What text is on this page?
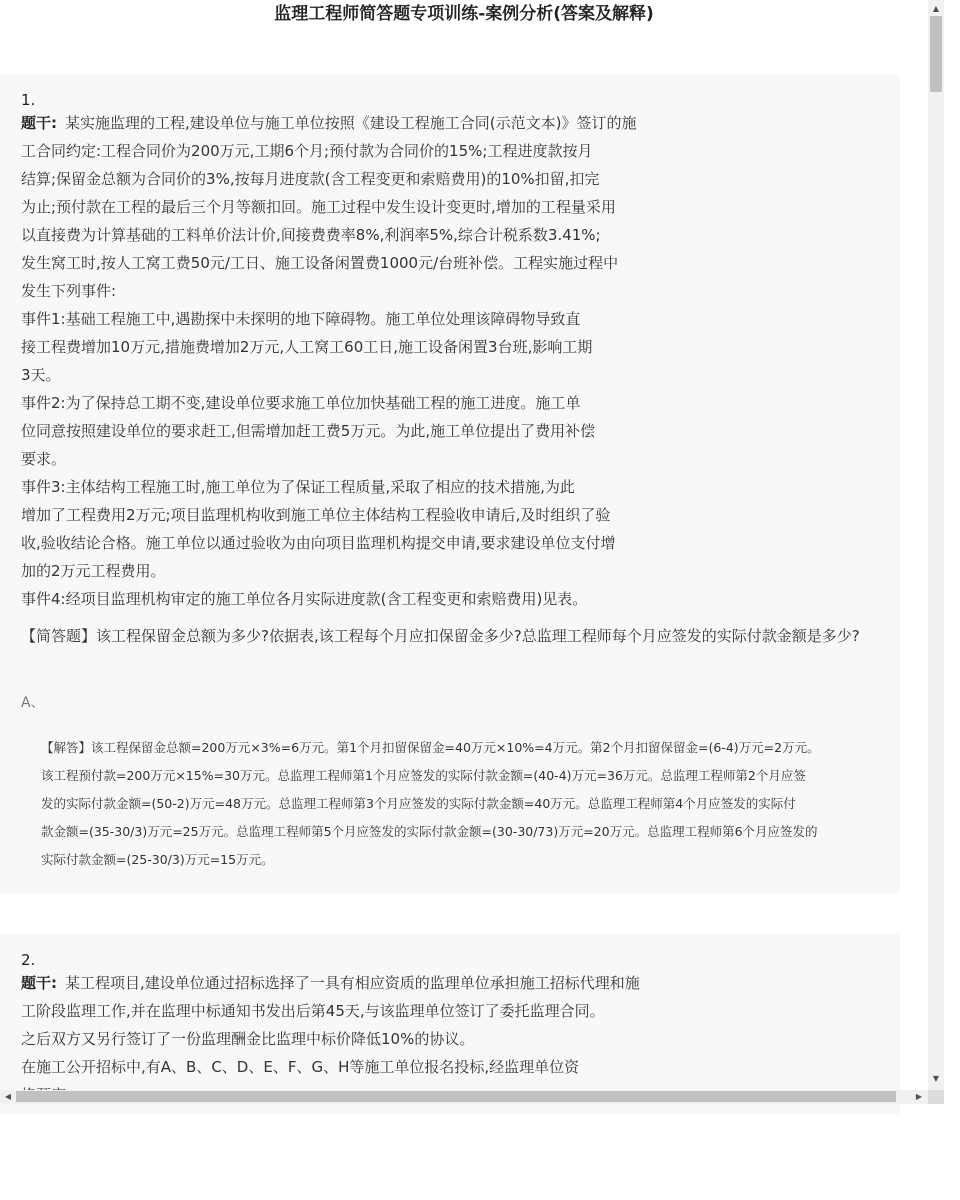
监理工程师简答题专项训练-案例分析(答案及解释)
1.
题干: 某实施监理的工程,建设单位与施工单位按照《建设工程施工合同(示范文本)》签订的施
工合同约定:工程合同价为200万元,工期6个月;预付款为合同价的15%;工程进度款按月
结算;保留金总额为合同价的3%,按每月进度款(含工程变更和索赔费用)的10%扣留,扣完
为止;预付款在工程的最后三个月等额扣回。施工过程中发生设计变更时,增加的工程量采用
以直接费为计算基础的工料单价法计价,间接费费率8%,利润率5%,综合计税系数3.41%;
发生窝工时,按人工窝工费50元/工日、施工设备闲置费1000元/台班补偿。工程实施过程中
发生下列事件:
事件1:基础工程施工中,遇勘探中未探明的地下障碍物。施工单位处理该障碍物导致直
接工程费增加10万元,措施费增加2万元,人工窝工60工日,施工设备闲置3台班,影响工期
3天。
事件2:为了保持总工期不变,建设单位要求施工单位加快基础工程的施工进度。施工单
位同意按照建设单位的要求赶工,但需增加赶工费5万元。为此,施工单位提出了费用补偿
要求。
事件3:主体结构工程施工时,施工单位为了保证工程质量,采取了相应的技术措施,为此
增加了工程费用2万元;项目监理机构收到施工单位主体结构工程验收申请后,及时组织了验
收,验收结论合格。施工单位以通过验收为由向项目监理机构提交申请,要求建设单位支付增
加的2万元工程费用。
事件4:经项目监理机构审定的施工单位各月实际进度款(含工程变更和索赔费用)见表。
【简答题】该工程保留金总额为多少?依据表,该工程每个月应扣保留金多少?总监理工程师每个月应签发的实际付款金额是多少?
A、
【解答】该工程保留金总额=200万元×3%=6万元。第1个月扣留保留金=40万元×10%=4万元。第2个月扣留保留金=(6-4)万元=2万元。
该工程预付款=200万元×15%=30万元。总监理工程师第1个月应签发的实际付款金额=(40-4)万元=36万元。总监理工程师第2个月应签
发的实际付款金额=(50-2)万元=48万元。总监理工程师第3个月应签发的实际付款金额=40万元。总监理工程师第4个月应签发的实际付
款金额=(35-30/3)万元=25万元。总监理工程师第5个月应签发的实际付款金额=(30-30/73)万元=20万元。总监理工程师第6个月应签发的
实际付款金额=(25-30/3)万元=15万元。
2.
题干: 某工程项目,建设单位通过招标选择了一具有相应资质的监理单位承担施工招标代理和施
工阶段监理工作,并在监理中标通知书发出后第45天,与该监理单位签订了委托监理合同。
之后双方又另行签订了一份监理酬金比监理中标价降低10%的协议。
在施工公开招标中,有A、B、C、D、E、F、G、H等施工单位报名投标,经监理单位资
▲
▼
◀	▶
